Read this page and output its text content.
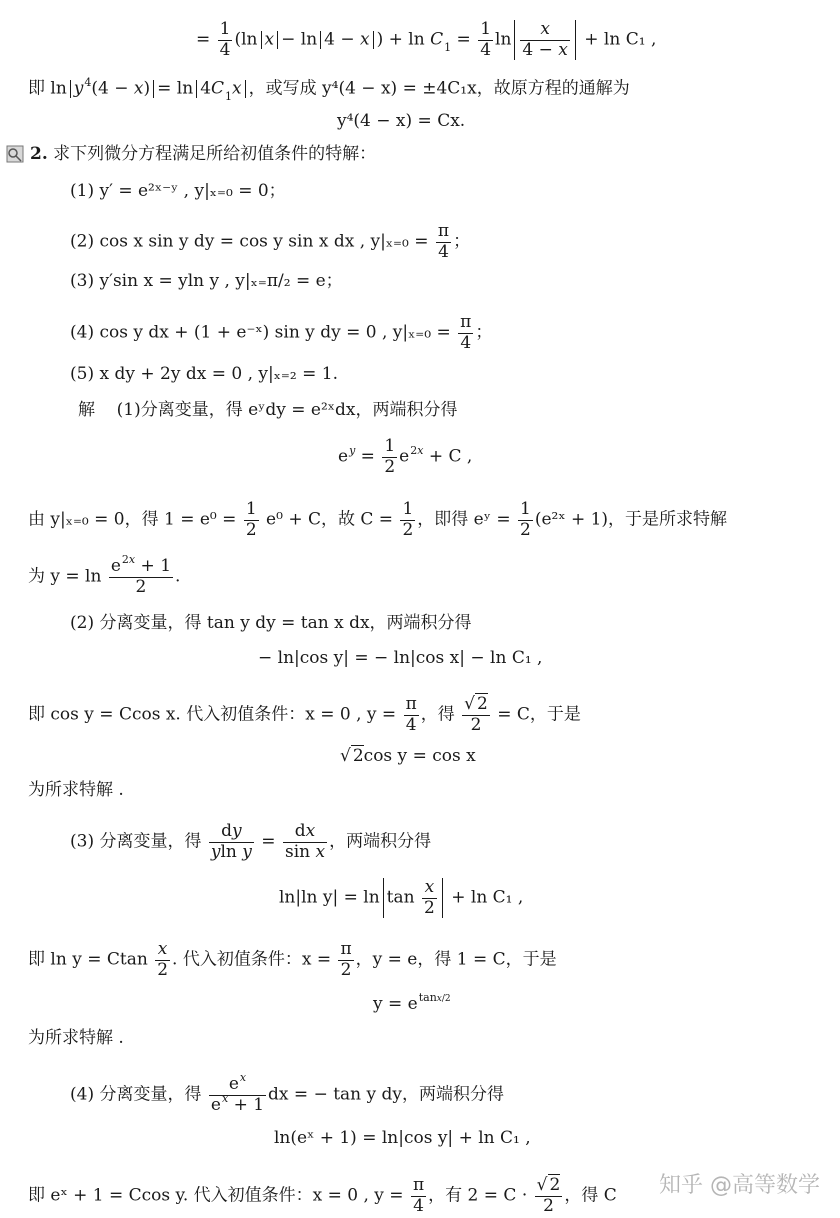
= $\frac{1}{4} (\ln$ x − ln 4 − x ) + $\ln C_1 = \frac{1}{4}$ $\ln \frac{x}{4 - x} + \ln C_1$ ,
即 $\ln y^4(4 - x) = \ln 4C_1x$ ，或写成 y⁴(4 − x) = ±4C₁x，故原方程的通解为
y⁴(4 − x) = Cx.
2. 求下列微分方程满足所给初值条件的特解：
(1) y′ = e²ˣ⁻ʸ , y|ₓ₌₀ = 0；
(2) cos x sin y dy = cos y sin x dx , $y|_{x=0} = \frac{\pi}{4}$ ；
(3) y′sin x = yln y , y|ₓ₌π/₂ = e；
(4) cos y dx + (1 + e⁻ˣ) sin y dy = 0 , $y|_{x=0} = \frac{\pi}{4}$ ；
(5) x dy + 2y dx = 0 , y|ₓ₌₂ = 1.
解 (1)分离变量，得 eʸdy = e²ˣdx，两端积分得
$e^y = \frac{1}{2} e^{2x} + C$ ,
由 y|ₓ₌₀ = 0，得 $1 = e^0 = \frac{1}{2} e^0 + C$，故 $C = \frac{1}{2}$ ，即得 eʸ = $\frac{1}{2}$ (e²ˣ + 1)，于是所求特解
为 $y = \ln \frac{e^{2x} + 1}{2}$ .
(2) 分离变量，得 tan y dy = tan x dx，两端积分得
− ln|cos y| = − ln|cos x| − ln C₁ ,
即 cos y = Ccos x. 代入初值条件：x = 0 , $y = \frac{\pi}{4}$ ，得 $\frac{√ 2}{2} = C$，于是
√ 2cos y = cos x
为所求特解 .
(3) 分离变量，得 $\frac{dy}{\text{yln y}} = \frac{dx}{\text{sin x}}$ ，两端积分得
ln|ln $y| = \ln \tan \frac{x}{2} + \ln C_1$ ,
即 ln y = Ctan $\frac{x}{2}$ . 代入初值条件：$x = \frac{\pi}{2}$ ，y = e，得 1 = C，于是
$y = e^{tanx/2}$
为所求特解 .
(4) 分离变量，得 $\frac{e^x}{e^x + 1}$ dx = − tan y dy，两端积分得
ln(eˣ + 1) = ln|cos y| + ln C₁ ,
即 eˣ + 1 = Ccos y. 代入初值条件：x = 0 , $y = \frac{\pi}{4}$ ，有 $2 = C \cdot \frac{√ 2}{2}$ ，得 C 知乎 @高等数学
